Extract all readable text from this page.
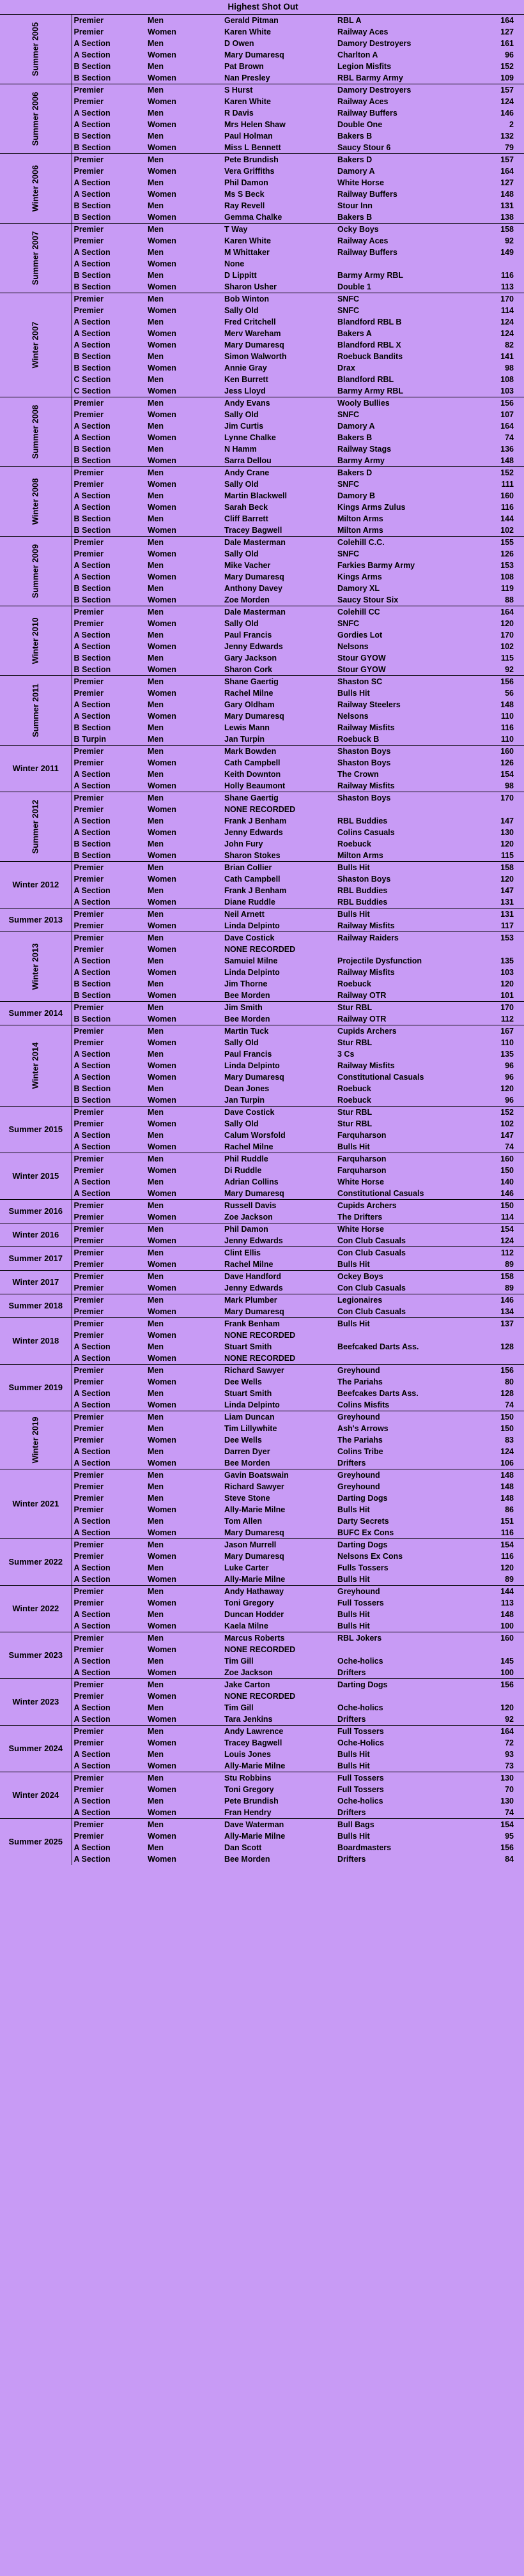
Highest Shot Out					
Summer 2005	Premier	Men	Gerald Pitman	RBL A	164
	Premier	Women	Karen White	Railway Aces	127
	A Section	Men	D Owen	Damory Destroyers	161
	A Section	Women	Mary Dumaresq	Charlton A	96
	B Section	Men	Pat Brown	Legion Misfits	152
	B Section	Women	Nan Presley	RBL Barmy Army	109
Summer 2006	Premier	Men	S Hurst	Damory Destroyers	157
	Premier	Women	Karen White	Railway Aces	124
	A Section	Men	R Davis	Railway Buffers	146
	A Section	Women	Mrs Helen Shaw	Double One	2
	B Section	Men	Paul Holman	Bakers B	132
	B Section	Women	Miss L Bennett	Saucy Stour 6	79
Winter 2006	Premier	Men	Pete Brundish	Bakers D	157
	Premier	Women	Vera Griffiths	Damory A	164
	A Section	Men	Phil Damon	White Horse	127
	A Section	Women	Ms S Beck	Railway Buffers	148
	B Section	Men	Ray Revell	Stour Inn	131
	B Section	Women	Gemma Chalke	Bakers B	138
Summer 2007	Premier	Men	T Way	Ocky Boys	158
	Premier	Women	Karen White	Railway Aces	92
	A Section	Men	M Whittaker	Railway Buffers	149
	A Section	Women	None		
	B Section	Men	D Lippitt	Barmy Army RBL	116
	B Section	Women	Sharon Usher	Double 1	113
Winter 2007	Premier	Men	Bob Winton	SNFC	170
	Premier	Women	Sally Old	SNFC	114
	A Section	Men	Fred Critchell	Blandford RBL B	124
	A Section	Women	Merv Wareham	Bakers A	124
	A Section	Women	Mary Dumaresq	Blandford RBL X	82
	B Section	Men	Simon Walworth	Roebuck Bandits	141
	B Section	Women	Annie Gray	Drax	98
	C Section	Men	Ken Burrett	Blandford RBL	108
	C Section	Women	Jess Lloyd	Barmy Army RBL	103
Summer 2008	Premier	Men	Andy Evans	Wooly Bullies	156
	Premier	Women	Sally Old	SNFC	107
	A Section	Men	Jim Curtis	Damory A	164
	A Section	Women	Lynne Chalke	Bakers B	74
	B Section	Men	N Hamm	Railway Stags	136
	B Section	Women	Sarra Dellou	Barmy Army	148
Winter 2008	Premier	Men	Andy Crane	Bakers D	152
	Premier	Women	Sally Old	SNFC	111
	A Section	Men	Martin Blackwell	Damory B	160
	A Section	Women	Sarah Beck	Kings Arms Zulus	116
	B Section	Men	Cliff Barrett	Milton Arms	144
	B Section	Women	Tracey Bagwell	Milton Arms	102
Summer 2009	Premier	Men	Dale Masterman	Colehill C.C.	155
	Premier	Women	Sally Old	SNFC	126
	A Section	Men	Mike Vacher	Farkies Barmy Army	153
	A Section	Women	Mary Dumaresq	Kings Arms	108
	B Section	Men	Anthony Davey	Damory XL	119
	B Section	Women	Zoe Morden	Saucy Stour Six	88
Winter 2010	Premier	Men	Dale Masterman	Colehill CC	164
	Premier	Women	Sally Old	SNFC	120
	A Section	Men	Paul Francis	Gordies Lot	170
	A Section	Women	Jenny Edwards	Nelsons	102
	B Section	Men	Gary Jackson	Stour GYOW	115
	B Section	Women	Sharon Cork	Stour GYOW	92
Summer 2011	Premier	Men	Shane Gaertig	Shaston SC	156
	Premier	Women	Rachel Milne	Bulls Hit	56
	A Section	Men	Gary Oldham	Railway Steelers	148
	A Section	Women	Mary Dumaresq	Nelsons	110
	B Section	Men	Lewis Mann	Railway Misfits	116
	B Turpin	Men	Jan Turpin	Roebuck B	110
Winter 2011	Premier	Men	Mark Bowden	Shaston Boys	160
	Premier	Women	Cath Campbell	Shaston Boys	126
	A Section	Men	Keith Downton	The Crown	154
	A Section	Women	Holly Beaumont	Railway Misfits	98
Summer 2012	Premier	Men	Shane Gaertig	Shaston Boys	170
	Premier	Women	NONE RECORDED		
	A Section	Men	Frank J Benham	RBL Buddies	147
	A Section	Women	Jenny Edwards	Colins Casuals	130
	B Section	Men	John Fury	Roebuck	120
	B Section	Women	Sharon Stokes	Milton Arms	115
Winter 2012	Premier	Men	Brian Collier	Bulls Hit	158
	Premier	Women	Cath Campbell	Shaston Boys	120
	A Section	Men	Frank J Benham	RBL Buddies	147
	A Section	Women	Diane Ruddle	RBL Buddies	131
Summer 2013	Premier	Men	Neil Arnett	Bulls Hit	131
	Premier	Women	Linda Delpinto	Railway Misfits	117
Winter 2013	Premier	Men	Dave Costick	Railway Raiders	153
	Premier	Women	NONE RECORDED		
	A Section	Men	Samuiel Milne	Projectile Dysfunction	135
	A Section	Women	Linda Delpinto	Railway Misfits	103
	B Section	Men	Jim Thorne	Roebuck	120
	B Section	Women	Bee Morden	Railway OTR	101
Summer 2014	Premier	Men	Jim Smith	Stur RBL	170
	B Section	Women	Bee Morden	Railway OTR	112
Winter 2014	Premier	Men	Martin Tuck	Cupids Archers	167
	Premier	Women	Sally Old	Stur RBL	110
	A Section	Men	Paul Francis	3 Cs	135
	A Section	Women	Linda Delpinto	Railway Misfits	96
	A Section	Women	Mary Dumaresq	Constitutional Casuals	96
	B Section	Men	Dean Jones	Roebuck	120
	B Section	Women	Jan Turpin	Roebuck	96
Summer 2015	Premier	Men	Dave Costick	Stur RBL	152
	Premier	Women	Sally Old	Stur RBL	102
	A Section	Men	Calum Worsfold	Farquharson	147
	A Section	Women	Rachel Milne	Bulls Hit	74
Winter 2015	Premier	Men	Phil Ruddle	Farquharson	160
	Premier	Women	Di Ruddle	Farquharson	150
	A Section	Men	Adrian Collins	White Horse	140
	A Section	Women	Mary Dumaresq	Constitutional Casuals	146
Summer 2016	Premier	Men	Russell Davis	Cupids Archers	150
	Premier	Women	Zoe Jackson	The Drifters	114
Winter 2016	Premier	Men	Phil Damon	White Horse	154
	Premier	Women	Jenny Edwards	Con Club Casuals	124
Summer 2017	Premier	Men	Clint Ellis	Con Club Casuals	112
	Premier	Women	Rachel Milne	Bulls Hit	89
Winter 2017	Premier	Men	Dave Handford	Ockey Boys	158
	Premier	Women	Jenny Edwards	Con Club Casuals	89
Summer 2018	Premier	Men	Mark Plumber	Legionaires	146
	Premier	Women	Mary Dumaresq	Con Club Casuals	134
Winter 2018	Premier	Men	Frank Benham	Bulls Hit	137
	Premier	Women	NONE RECORDED		
	A Section	Men	Stuart Smith	Beefcaked Darts Ass.	128
	A Section	Women	NONE RECORDED		
Summer 2019	Premier	Men	Richard Sawyer	Greyhound	156
	Premier	Women	Dee Wells	The Pariahs	80
	A Section	Men	Stuart Smith	Beefcakes Darts Ass.	128
	A Section	Women	Linda Delpinto	Colins Misfits	74
Winter 2019	Premier	Men	Liam Duncan	Greyhound	150
	Premier	Men	Tim Lillywhite	Ash's Arrows	150
	Premier	Women	Dee Wells	The Pariahs	83
	A Section	Men	Darren Dyer	Colins Tribe	124
	A Section	Women	Bee Morden	Drifters	106
Winter 2021	Premier	Men	Gavin Boatswain	Greyhound	148
	Premier	Men	Richard Sawyer	Greyhound	148
	Premier	Men	Steve Stone	Darting Dogs	148
	Premier	Women	Ally-Marie Milne	Bulls Hit	86
	A Section	Men	Tom Allen	Darty Secrets	151
	A Section	Women	Mary Dumaresq	BUFC Ex Cons	116
Summer 2022	Premier	Men	Jason Murrell	Darting Dogs	154
	Premier	Women	Mary Dumaresq	Nelsons Ex Cons	116
	A Section	Men	Luke Carter	Fulls Tossers	120
	A Section	Women	Ally-Marie Milne	Bulls Hit	89
Winter 2022	Premier	Men	Andy Hathaway	Greyhound	144
	Premier	Women	Toni Gregory	Full Tossers	113
	A Section	Men	Duncan Hodder	Bulls Hit	148
	A Section	Women	Kaela Milne	Bulls Hit	100
Summer 2023	Premier	Men	Marcus Roberts	RBL Jokers	160
	Premier	Women	NONE RECORDED		
	A Section	Men	Tim Gill	Oche-holics	145
	A Section	Women	Zoe Jackson	Drifters	100
Winter 2023	Premier	Men	Jake Carton	Darting Dogs	156
	Premier	Women	NONE RECORDED		
	A Section	Men	Tim Gill	Oche-holics	120
	A Section	Women	Tara Jenkins	Drifters	92
Summer 2024	Premier	Men	Andy Lawrence	Full Tossers	164
	Premier	Women	Tracey Bagwell	Oche-Holics	72
	A Section	Men	Louis Jones	Bulls Hit	93
	A Section	Women	Ally-Marie Milne	Bulls Hit	73
Winter 2024	Premier	Men	Stu Robbins	Full Tossers	130
	Premier	Women	Toni Gregory	Full Tossers	70
	A Section	Men	Pete Brundish	Oche-holics	130
	A Section	Women	Fran Hendry	Drifters	74
Summer 2025	Premier	Men	Dave Waterman	Bull Bags	154
	Premier	Women	Ally-Marie Milne	Bulls Hit	95
	A Section	Men	Dan Scott	Boardmasters	156
	A Section	Women	Bee Morden	Drifters	84
